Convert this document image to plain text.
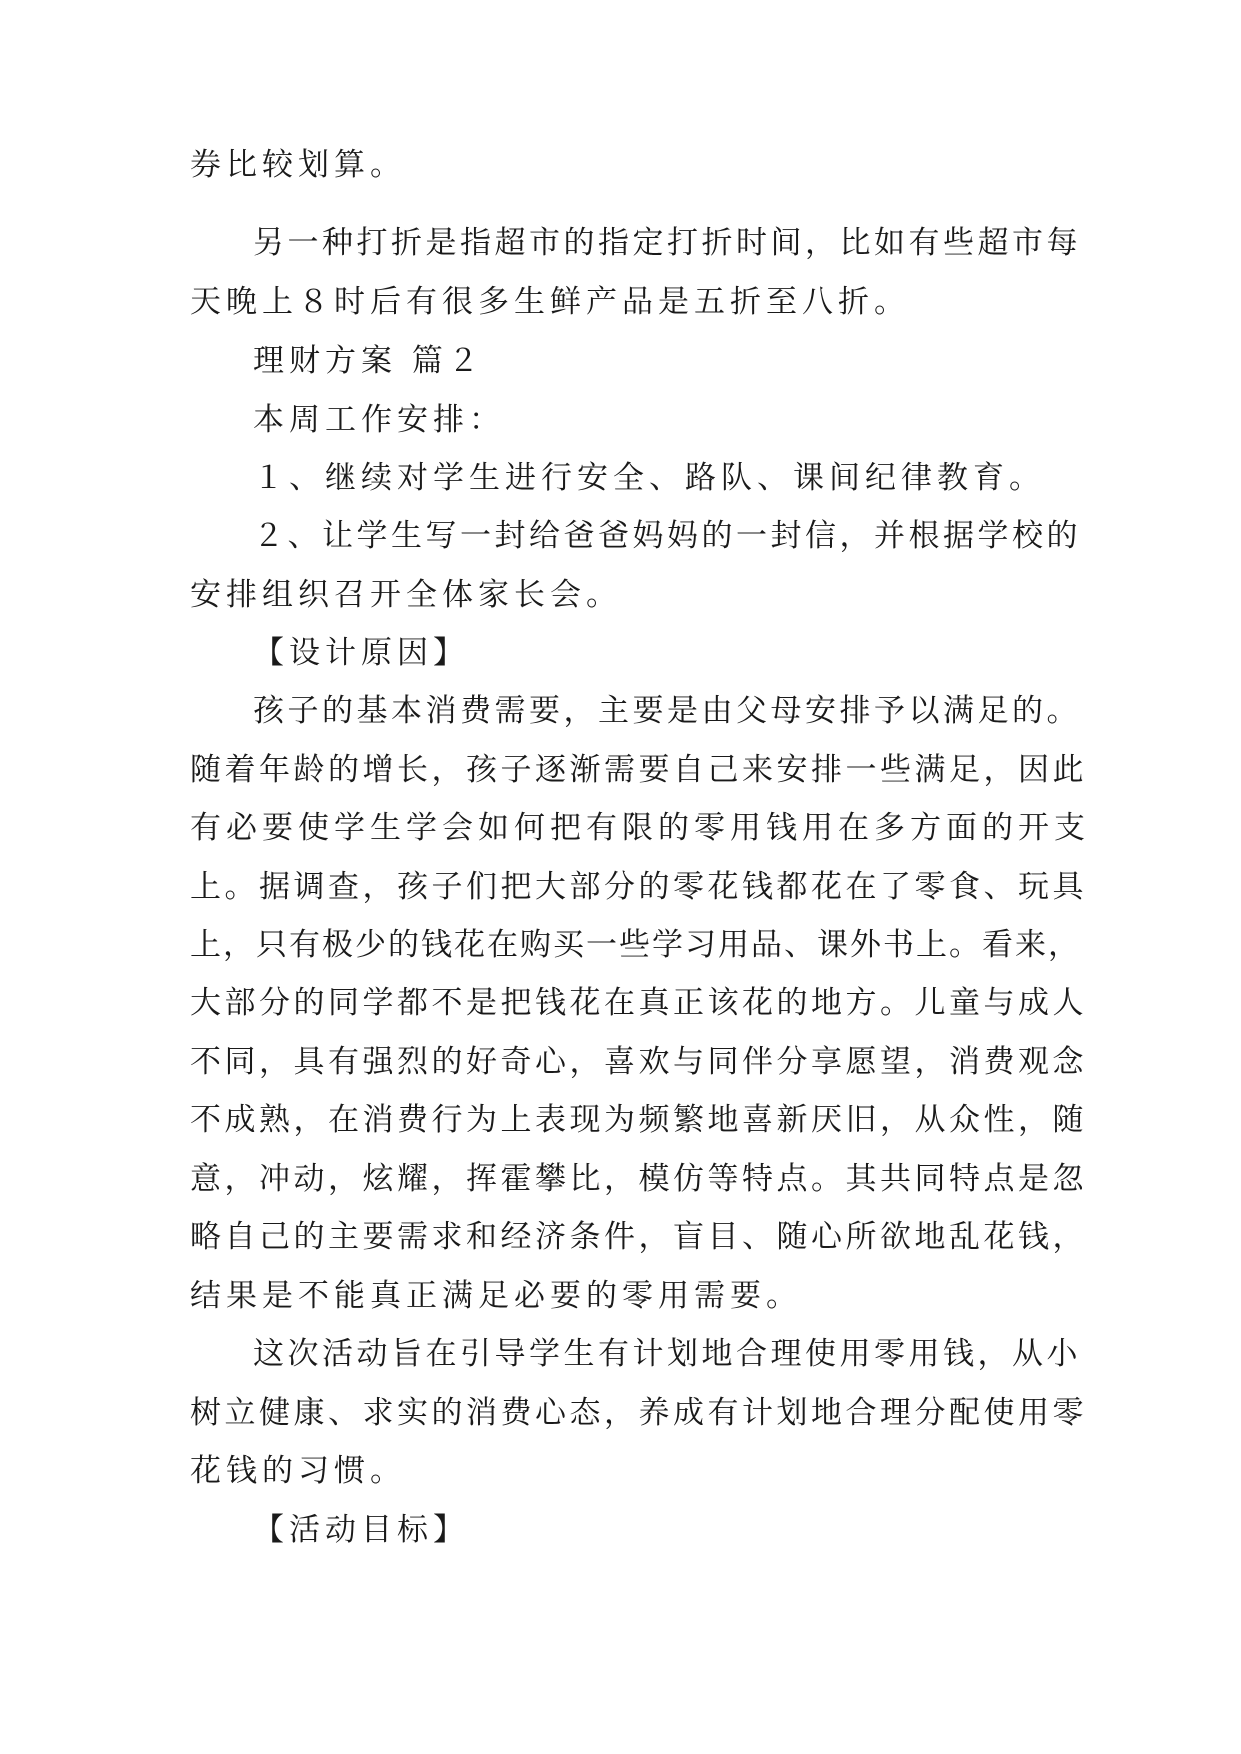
券比较划算。
另一种打折是指超市的指定打折时间，比如有些超市每
天晚上８时后有很多生鲜产品是五折至八折。
理财方案 篇２
本周工作安排：
１、继续对学生进行安全、路队、课间纪律教育。
２、让学生写一封给爸爸妈妈的一封信，并根据学校的
安排组织召开全体家长会。
【设计原因】
孩子的基本消费需要，主要是由父母安排予以满足的。
随着年龄的增长，孩子逐渐需要自己来安排一些满足，因此
有必要使学生学会如何把有限的零用钱用在多方面的开支
上。据调查，孩子们把大部分的零花钱都花在了零食、玩具
上，只有极少的钱花在购买一些学习用品、课外书上。看来，
大部分的同学都不是把钱花在真正该花的地方。儿童与成人
不同，具有强烈的好奇心，喜欢与同伴分享愿望，消费观念
不成熟，在消费行为上表现为频繁地喜新厌旧，从众性，随
意，冲动，炫耀，挥霍攀比，模仿等特点。其共同特点是忽
略自己的主要需求和经济条件，盲目、随心所欲地乱花钱，
结果是不能真正满足必要的零用需要。
这次活动旨在引导学生有计划地合理使用零用钱，从小
树立健康、求实的消费心态，养成有计划地合理分配使用零
花钱的习惯。
【活动目标】
